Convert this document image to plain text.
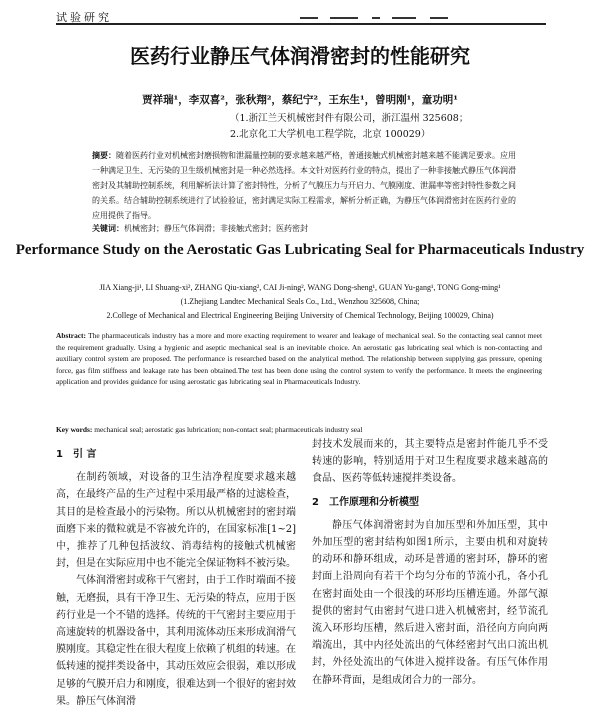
试验研究
医药行业静压气体润滑密封的性能研究
贾祥瑞¹，李双喜²，张秋翔²，蔡纪宁²，王东生¹，曾明刚¹，童功明¹
（1.浙江兰天机械密封件有限公司，浙江温州 325608；
2.北京化工大学机电工程学院，北京 100029）
摘要：随着医药行业对机械密封磨损物和泄漏量控制的要求越来越严格，普通接触式机械密封越来越不能满足要求。应用一种满足卫生、无污染的卫生级机械密封是一种必然选择。本文针对医药行业的特点，提出了一种非接触式静压气体润滑密封及其辅助控制系统，利用解析法计算了密封特性，分析了气膜压力与开启力、气膜刚度、泄漏率等密封特性参数之间的关系。结合辅助控制系统进行了试验验证，密封满足实际工程需求，解析分析正确，为静压气体润滑密封在医药行业的应用提供了指导。
关键词：机械密封；静压气体润滑；非接触式密封；医药密封
Performance Study on the Aerostatic Gas Lubricating Seal for Pharmaceuticals Industry
JIA Xiang-ji¹, LI Shuang-xi², ZHANG Qiu-xiang², CAI Ji-ning², WANG Dong-sheng¹, GUAN Yu-gang¹, TONG Gong-ming¹
(1.Zhejiang Landtec Mechanical Seals Co., Ltd., Wenzhou 325608, China;
2.College of Mechanical and Electrical Engineering Beijing University of Chemical Technology, Beijing 100029, China)
Abstract: The pharmaceuticals industry has a more and more exacting requirement to wearer and leakage of mechanical seal. So the contacting seal cannot meet the requirement gradually. Using a hygienic and aseptic mechanical seal is an inevitable choice. An aerostatic gas lubricating seal which is non-contacting and auxiliary control system are proposed. The performance is researched based on the analytical method. The relationship between supplying gas pressure, opening force, gas film stiffness and leakage rate has been obtained.The test has been done using the control system to verify the performance. It meets the engineering application and provides guidance for using aerostatic gas lubricating seal in Pharmaceuticals Industry.
Key words: mechanical seal; aerostatic gas lubrication; non-contact seal; pharmaceuticals industry seal
1　引 言

在制药领域，对设备的卫生洁净程度要求越来越高，在最终产品的生产过程中采用最严格的过滤检查，其目的是检查最小的污染物。所以从机械密封的密封端面磨下来的微粒就是不容被允许的，在国家标准[1~2]中，推荐了几种包括波纹、消毒结构的接触式机械密封，但是在实际应用中也不能完全保证物料不被污染。

气体润滑密封或称干气密封，由于工作时端面不接触，无磨损，具有干净卫生、无污染的特点，应用于医药行业是一个不错的选择。传统的干气密封主要应用于高速旋转的机器设备中，其利用流体动压来形成润滑气膜刚度。其稳定性在很大程度上依赖了机组的转速。在低转速的搅拌类设备中，其动压效应会很弱，难以形成足够的气膜开启力和刚度，很难达到一个很好的密封效果。静压气体润滑

封技术发展而来的，其主要特点是密封件能几乎不受转速的影响，特别适用于对卫生程度要求越来越高的食品、医药等低转速搅拌类设备。

2　工作原理和分析模型

静压气体润滑密封为自加压型和外加压型，其中外加压型的密封结构如图1所示，主要由机和对旋转的动环和静环组成，动环是普通的密封环，静环的密封面上沿周向有若干个均匀分布的节流小孔，各小孔在密封面处由一个很浅的环形均压槽连通。外部气源提供的密封气由密封气进口进入机械密封，经节流孔流入环形均压槽，然后进入密封面，沿径向方向向两端流出，其中内径处流出的气体经密封气出口流出机封，外径处流出的气体进入搅拌设备。有压气体作用在静环背面，是组成闭合力的一部分。
